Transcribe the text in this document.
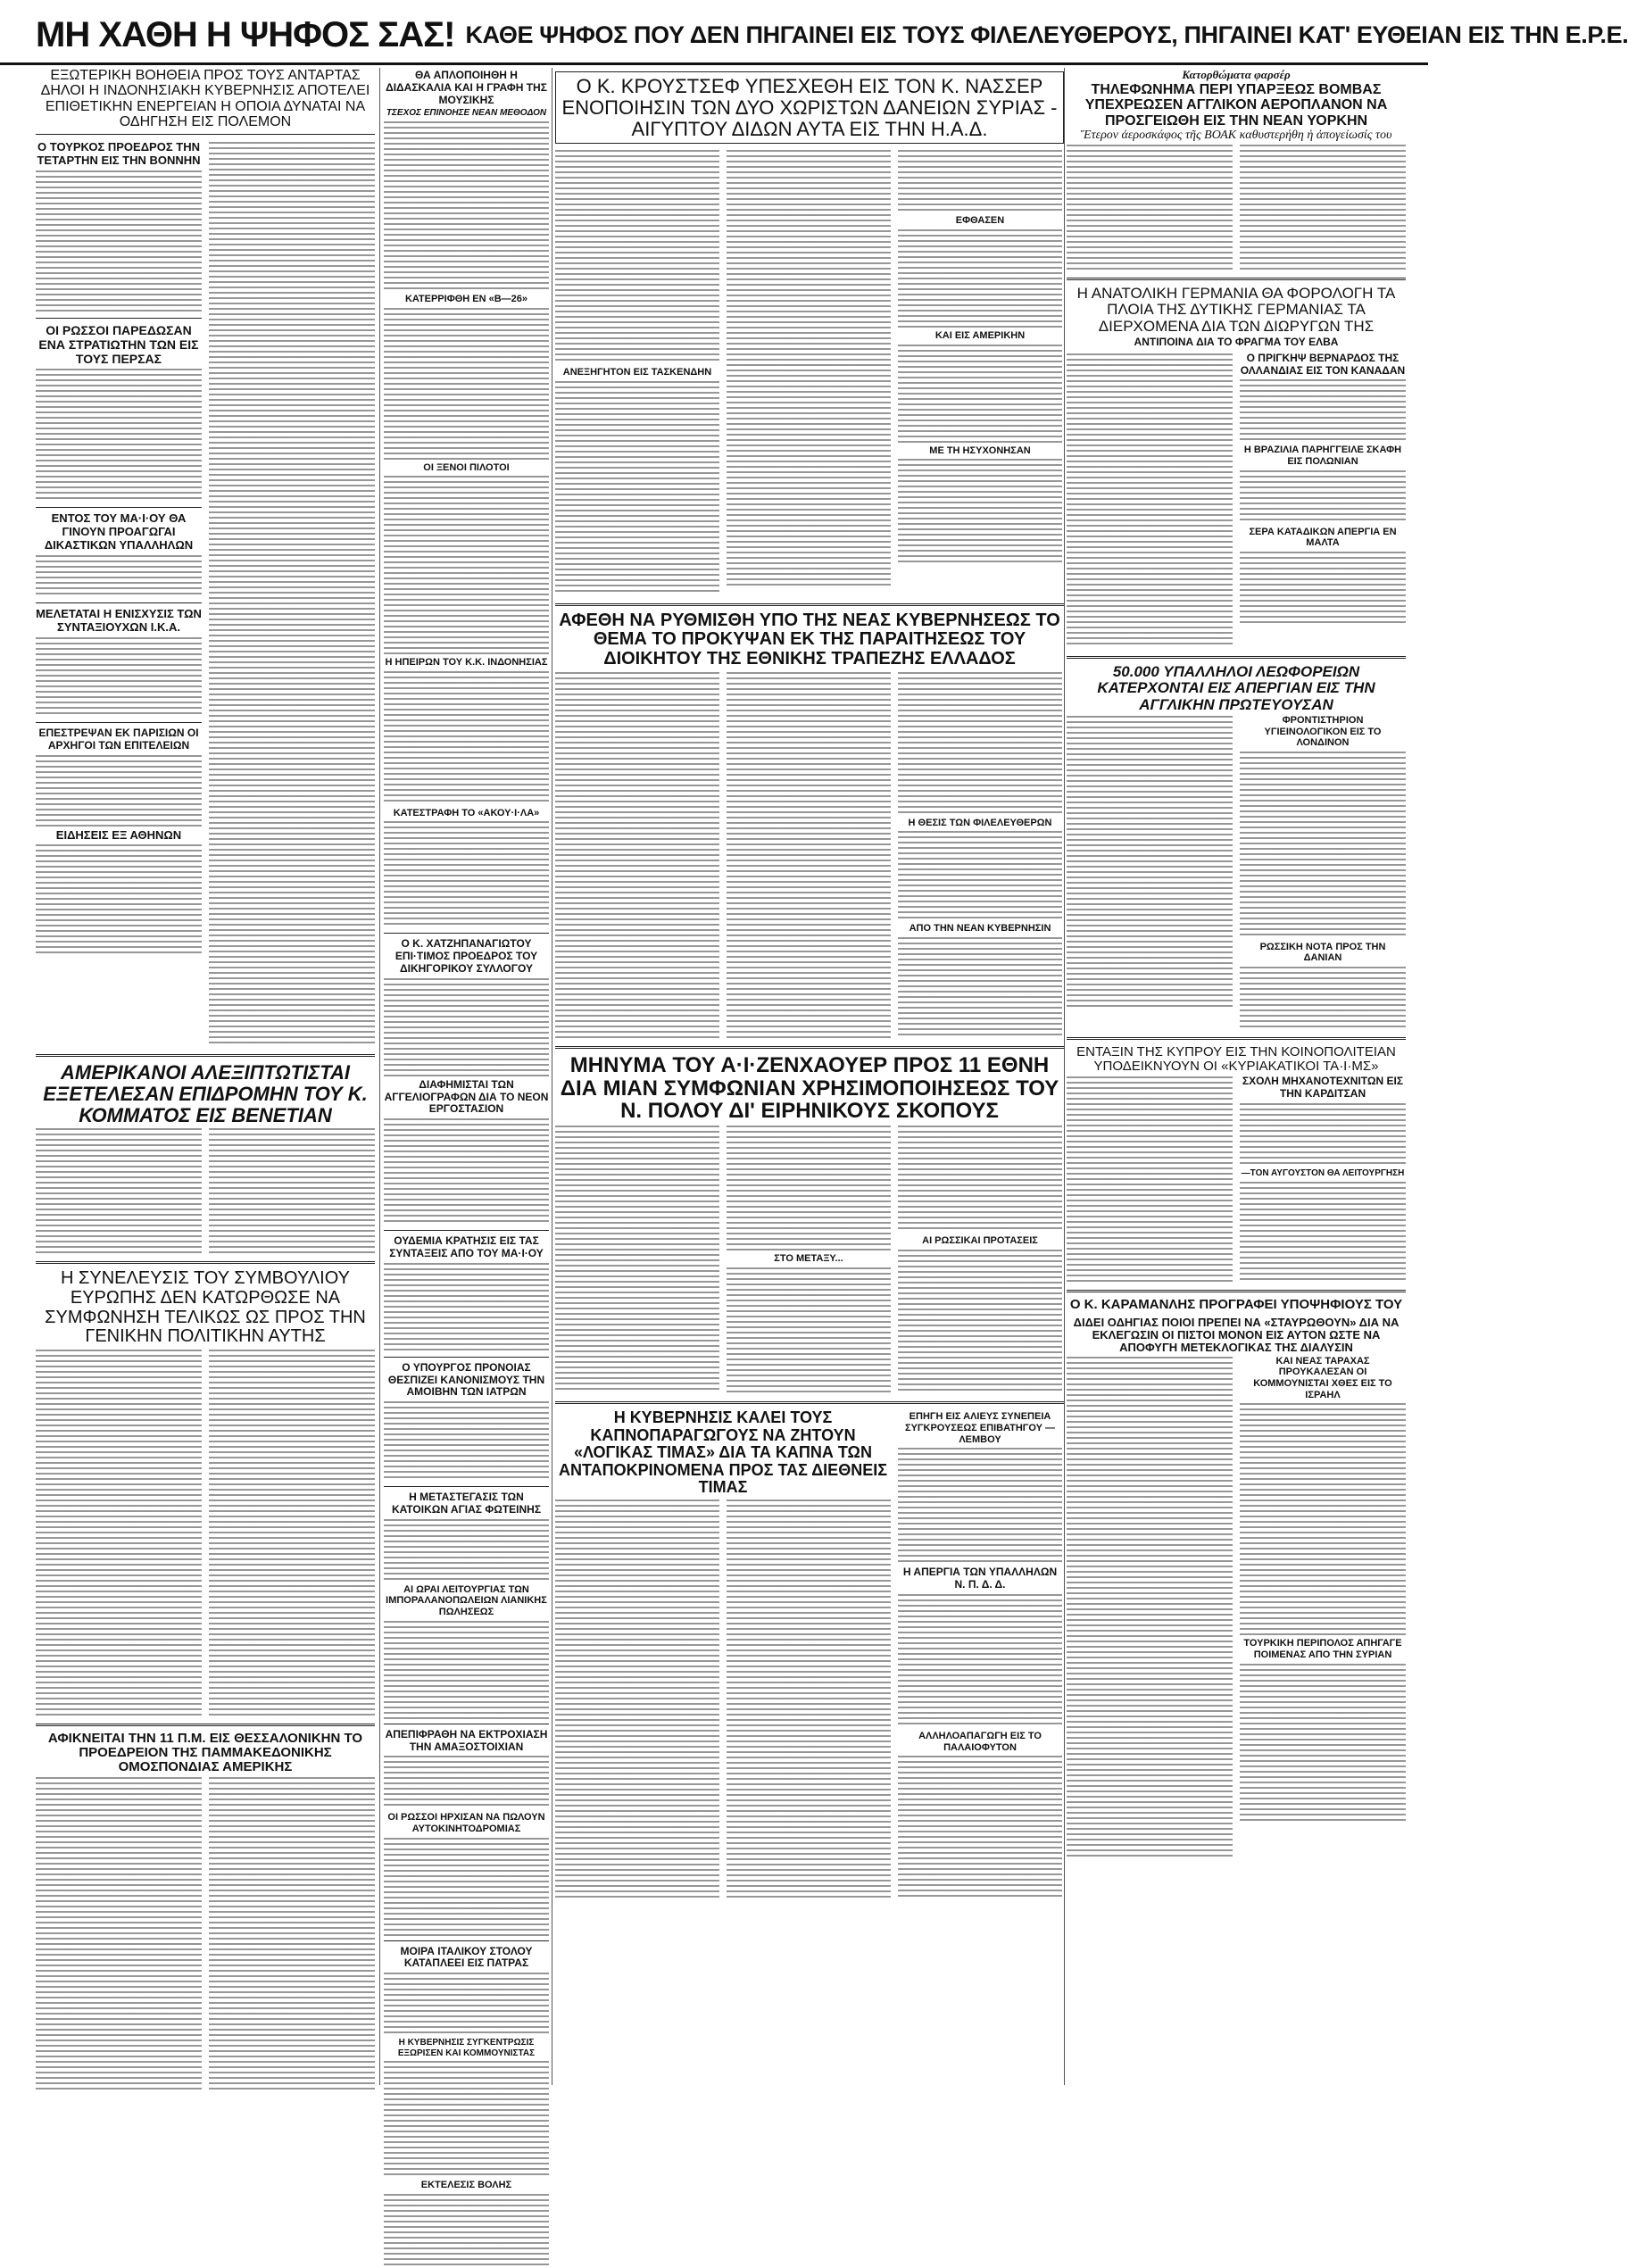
ΜΗ ΧΑΘΗ Η ΨΗΦΟΣ ΣΑΣ! ΚΑΘΕ ΨΗΦΟΣ ΠΟΥ ΔΕΝ ΠΗΓΑΙΝΕΙ ΕΙΣ ΤΟΥΣ ΦΙΛΕΛΕΥΘΕΡΟΥΣ, ΠΗΓΑΙΝΕΙ ΚΑΤ' ΕΥΘΕΙΑΝ ΕΙΣ ΤΗΝ Ε.Ρ.Ε.
ΕΞΩΤΕΡΙΚΗ ΒΟΗΘΕΙΑ ΠΡΟΣ ΤΟΥΣ ΑΝΤΑΡΤΑΣ ΔΗΛΟΙ Η ΙΝΔΟΝΗΣΙΑΚΗ ΚΥΒΕΡΝΗΣΙΣ ΑΠΟΤΕΛΕΙ ΕΠΙΘΕΤΙΚΗΝ ΕΝΕΡΓΕΙΑΝ Η ΟΠΟΙΑ ΔΥΝΑΤΑΙ ΝΑ ΟΔΗΓΗΣΗ ΕΙΣ ΠΟΛΕΜΟΝ
Ο ΤΟΥΡΚΟΣ ΠΡΟΕΔΡΟΣ ΤΗΝ ΤΕΤΑΡΤΗΝ ΕΙΣ ΤΗΝ ΒΟΝΝΗΝ
ΟΙ ΡΩΣΣΟΙ ΠΑΡΕΔΩΣΑΝ ΕΝΑ ΣΤΡΑΤΙΩΤΗΝ ΤΩΝ ΕΙΣ ΤΟΥΣ ΠΕΡΣΑΣ
ΕΝΤΟΣ ΤΟΥ ΜΑ·Ι·ΟΥ ΘΑ ΓΙΝΟΥΝ ΠΡΟΑΓΩΓΑΙ ΔΙΚΑΣΤΙΚΩΝ ΥΠΑΛΛΗΛΩΝ
ΜΕΛΕΤΑΤΑΙ Η ΕΝΙΣΧΥΣΙΣ ΤΩΝ ΣΥΝΤΑΞΙΟΥΧΩΝ Ι.Κ.Α.
ΕΠΕΣΤΡΕΨΑΝ ΕΚ ΠΑΡΙΣΙΩΝ ΟΙ ΑΡΧΗΓΟΙ ΤΩΝ ΕΠΙΤΕΛΕΙΩΝ
ΕΙΔΗΣΕΙΣ ΕΞ ΑΘΗΝΩΝ
ΑΜΕΡΙΚΑΝΟΙ ΑΛΕΞΙΠΤΩΤΙΣΤΑΙ ΕΞΕΤΕΛΕΣΑΝ ΕΠΙΔΡΟΜΗΝ ΤΟΥ Κ. ΚΟΜΜΑΤΟΣ ΕΙΣ ΒΕΝΕΤΙΑΝ
Η ΣΥΝΕΛΕΥΣΙΣ ΤΟΥ ΣΥΜΒΟΥΛΙΟΥ ΕΥΡΩΠΗΣ ΔΕΝ ΚΑΤΩΡΘΩΣΕ ΝΑ ΣΥΜΦΩΝΗΣΗ ΤΕΛΙΚΩΣ ΩΣ ΠΡΟΣ ΤΗΝ ΓΕΝΙΚΗΝ ΠΟΛΙΤΙΚΗΝ ΑΥΤΗΣ
ΑΦΙΚΝΕΙΤΑΙ ΤΗΝ 11 Π.Μ. ΕΙΣ ΘΕΣΣΑΛΟΝΙΚΗΝ ΤΟ ΠΡΟΕΔΡΕΙΟΝ ΤΗΣ ΠΑΜΜΑΚΕΔΟΝΙΚΗΣ ΟΜΟΣΠΟΝΔΙΑΣ ΑΜΕΡΙΚΗΣ
ΘΑ ΑΠΛΟΠΟΙΗΘΗ Η ΔΙΔΑΣΚΑΛΙΑ ΚΑΙ Η ΓΡΑΦΗ ΤΗΣ ΜΟΥΣΙΚΗΣ
ΤΣΕΧΟΣ ΕΠΙΝΟΗΣΕ ΝΕΑΝ ΜΕΘΟΔΟΝ
ΚΑΤΕΡΡΙΦΘΗ ΕΝ «Β—26»
ΟΙ ΞΕΝΟΙ ΠΙΛΟΤΟΙ
Η ΗΠΕΙΡΩΝ ΤΟΥ Κ.Κ. ΙΝΔΟΝΗΣΙΑΣ
ΚΑΤΕΣΤΡΑΦΗ ΤΟ «ΑΚΟΥ·Ι·ΛΑ»
Ο Κ. ΧΑΤΖΗΠΑΝΑΓΙΩΤΟΥ ΕΠΙ·ΤΙΜΟΣ ΠΡΟΕΔΡΟΣ ΤΟΥ ΔΙΚΗΓΟΡΙΚΟΥ ΣΥΛΛΟΓΟΥ
ΔΙΑΦΗΜΙΣΤΑΙ ΤΩΝ ΑΓΓΕΛΙΟΓΡΑΦΩΝ ΔΙΑ ΤΟ ΝΕΟΝ ΕΡΓΟΣΤΑΣΙΟΝ
ΟΥΔΕΜΙΑ ΚΡΑΤΗΣΙΣ ΕΙΣ ΤΑΣ ΣΥΝΤΑΞΕΙΣ ΑΠΟ ΤΟΥ ΜΑ·Ι·ΟΥ
Ο ΥΠΟΥΡΓΟΣ ΠΡΟΝΟΙΑΣ ΘΕΣΠΙΖΕΙ ΚΑΝΟΝΙΣΜΟΥΣ ΤΗΝ ΑΜΟΙΒΗΝ ΤΩΝ ΙΑΤΡΩΝ
Η ΜΕΤΑΣΤΕΓΑΣΙΣ ΤΩΝ ΚΑΤΟΙΚΩΝ ΑΓΙΑΣ ΦΩΤΕΙΝΗΣ
ΑΙ ΩΡΑΙ ΛΕΙΤΟΥΡΓΙΑΣ ΤΩΝ ΙΜΠΟΡΑΛΑΝΟΠΩΛΕΙΩΝ ΛΙΑΝΙΚΗΣ ΠΩΛΗΣΕΩΣ
ΑΠΕΠΙΦΡΑΘΗ ΝΑ ΕΚΤΡΟΧΙΑΣΗ ΤΗΝ ΑΜΑΞΟΣΤΟΙΧΙΑΝ
ΟΙ ΡΩΣΣΟΙ ΗΡΧΙΣΑΝ ΝΑ ΠΩΛΟΥΝ ΑΥΤΟΚΙΝΗΤΟΔΡΟΜΙΑΣ
ΜΟΙΡΑ ΙΤΑΛΙΚΟΥ ΣΤΟΛΟΥ ΚΑΤΑΠΛΕΕΙ ΕΙΣ ΠΑΤΡΑΣ
Η ΚΥΒΕΡΝΗΣΙΣ ΣΥΓΚΕΝΤΡΩΣΙΣ ΕΞΩΡΙΣΕΝ ΚΑΙ ΚΟΜΜΟΥΝΙΣΤΑΣ
ΕΚΤΕΛΕΣΙΣ ΒΟΛΗΣ
Ο Κ. ΚΡΟΥΣΤΣΕΦ ΥΠΕΣΧΕΘΗ ΕΙΣ ΤΟΝ Κ. ΝΑΣΣΕΡ ΕΝΟΠΟΙΗΣΙΝ ΤΩΝ ΔΥΟ ΧΩΡΙΣΤΩΝ ΔΑΝΕΙΩΝ ΣΥΡΙΑΣ - ΑΙΓΥΠΤΟΥ ΔΙΔΩΝ ΑΥΤΑ ΕΙΣ ΤΗΝ Η.Α.Δ.
ΑΝΕΞΗΓΗΤΟΝ ΕΙΣ ΤΑΣΚΕΝΔΗΝ
ΕΦΘΑΣΕΝ
ΚΑΙ ΕΙΣ ΑΜΕΡΙΚΗΝ
ΜΕ ΤΗ ΗΣΥΧΟΝΗΣΑΝ
ΑΦΕΘΗ ΝΑ ΡΥΘΜΙΣΘΗ ΥΠΟ ΤΗΣ ΝΕΑΣ ΚΥΒΕΡΝΗΣΕΩΣ ΤΟ ΘΕΜΑ ΤΟ ΠΡΟΚΥΨΑΝ ΕΚ ΤΗΣ ΠΑΡΑΙΤΗΣΕΩΣ ΤΟΥ ΔΙΟΙΚΗΤΟΥ ΤΗΣ ΕΘΝΙΚΗΣ ΤΡΑΠΕΖΗΣ ΕΛΛΑΔΟΣ
Η ΘΕΣΙΣ ΤΩΝ ΦΙΛΕΛΕΥΘΕΡΩΝ
ΑΠΟ ΤΗΝ ΝΕΑΝ ΚΥΒΕΡΝΗΣΙΝ
ΜΗΝΥΜΑ ΤΟΥ Α·Ι·ΖΕΝΧΑΟΥΕΡ ΠΡΟΣ 11 ΕΘΝΗ ΔΙΑ ΜΙΑΝ ΣΥΜΦΩΝΙΑΝ ΧΡΗΣΙΜΟΠΟΙΗΣΕΩΣ ΤΟΥ Ν. ΠΟΛΟΥ ΔΙ' ΕΙΡΗΝΙΚΟΥΣ ΣΚΟΠΟΥΣ
ΣΤΟ ΜΕΤΑΞΥ...
ΑΙ ΡΩΣΣΙΚΑΙ ΠΡΟΤΑΣΕΙΣ
Η ΚΥΒΕΡΝΗΣΙΣ ΚΑΛΕΙ ΤΟΥΣ ΚΑΠΝΟΠΑΡΑΓΩΓΟΥΣ ΝΑ ΖΗΤΟΥΝ «ΛΟΓΙΚΑΣ ΤΙΜΑΣ» ΔΙΑ ΤΑ ΚΑΠΝΑ ΤΩΝ ΑΝΤΑΠΟΚΡΙΝΟΜΕΝΑ ΠΡΟΣ ΤΑΣ ΔΙΕΘΝΕΙΣ ΤΙΜΑΣ
ΕΠΗΓΗ ΕΙΣ ΑΛΙΕΥΣ ΣΥΝΕΠΕΙΑ ΣΥΓΚΡΟΥΣΕΩΣ ΕΠΙΒΑΤΗΓΟΥ — ΛΕΜΒΟΥ
Η ΑΠΕΡΓΙΑ ΤΩΝ ΥΠΑΛΛΗΛΩΝ Ν. Π. Δ. Δ.
ΑΛΛΗΛΟΑΠΑΓΩΓΗ ΕΙΣ ΤΟ ΠΑΛΑΙΟΦΥΤΟΝ
Κατορθώματα φαρσέρ
ΤΗΛΕΦΩΝΗΜΑ ΠΕΡΙ ΥΠΑΡΞΕΩΣ ΒΟΜΒΑΣ ΥΠΕΧΡΕΩΣΕΝ ΑΓΓΛΙΚΟΝ ΑΕΡΟΠΛΑΝΟΝ ΝΑ ΠΡΟΣΓΕΙΩΘΗ ΕΙΣ ΤΗΝ ΝΕΑΝ ΥΟΡΚΗΝ
Ἕτερον ἀεροσκάφος τῆς ΒΟΑΚ καθυστερήθη ἡ ἀπογείωσίς του
Η ΑΝΑΤΟΛΙΚΗ ΓΕΡΜΑΝΙΑ ΘΑ ΦΟΡΟΛΟΓΗ ΤΑ ΠΛΟΙΑ ΤΗΣ ΔΥΤΙΚΗΣ ΓΕΡΜΑΝΙΑΣ ΤΑ ΔΙΕΡΧΟΜΕΝΑ ΔΙΑ ΤΩΝ ΔΙΩΡΥΓΩΝ ΤΗΣ
ΑΝΤΙΠΟΙΝΑ ΔΙΑ ΤΟ ΦΡΑΓΜΑ ΤΟΥ ΕΛΒΑ
Ο ΠΡΙΓΚΗΨ ΒΕΡΝΑΡΔΟΣ ΤΗΣ ΟΛΛΑΝΔΙΑΣ ΕΙΣ ΤΟΝ ΚΑΝΑΔΑΝ
Η ΒΡΑΖΙΛΙΑ ΠΑΡΗΓΓΕΙΛΕ ΣΚΑΦΗ ΕΙΣ ΠΟΛΩΝΙΑΝ
ΣΕΡΑ ΚΑΤΑΔΙΚΩΝ ΑΠΕΡΓΙΑ ΕΝ ΜΑΛΤΑ
50.000 ΥΠΑΛΛΗΛΟΙ ΛΕΩΦΟΡΕΙΩΝ ΚΑΤΕΡΧΟΝΤΑΙ ΕΙΣ ΑΠΕΡΓΙΑΝ ΕΙΣ ΤΗΝ ΑΓΓΛΙΚΗΝ ΠΡΩΤΕΥΟΥΣΑΝ
ΦΡΟΝΤΙΣΤΗΡΙΟΝ ΥΓΙΕΙΝΟΛΟΓΙΚΟΝ ΕΙΣ ΤΟ ΛΟΝΔΙΝΟΝ
ΡΩΣΣΙΚΗ ΝΟΤΑ ΠΡΟΣ ΤΗΝ ΔΑΝΙΑΝ
ΕΝΤΑΞΙΝ ΤΗΣ ΚΥΠΡΟΥ ΕΙΣ ΤΗΝ ΚΟΙΝΟΠΟΛΙΤΕΙΑΝ ΥΠΟΔΕΙΚΝΥΟΥΝ ΟΙ «ΚΥΡΙΑΚΑΤΙΚΟΙ ΤΑ·Ι·ΜΣ»
ΣΧΟΛΗ ΜΗΧΑΝΟΤΕΧΝΙΤΩΝ ΕΙΣ ΤΗΝ ΚΑΡΔΙΤΣΑΝ
—ΤΟΝ ΑΥΓΟΥΣΤΟΝ ΘΑ ΛΕΙΤΟΥΡΓΗΣΗ
Ο Κ. ΚΑΡΑΜΑΝΛΗΣ ΠΡΟΓΡΑΦΕΙ ΥΠΟΨΗΦΙΟΥΣ ΤΟΥ
ΔΙΔΕΙ ΟΔΗΓΙΑΣ ΠΟΙΟΙ ΠΡΕΠΕΙ ΝΑ «ΣΤΑΥΡΩΘΟΥΝ» ΔΙΑ ΝΑ ΕΚΛΕΓΩΣΙΝ ΟΙ ΠΙΣΤΟΙ ΜΟΝΟΝ ΕΙΣ ΑΥΤΟΝ ΩΣΤΕ ΝΑ ΑΠΟΦΥΓΗ ΜΕΤΕΚΛΟΓΙΚΑΣ ΤΗΣ ΔΙΑΛΥΣΙΝ
ΚΑΙ ΝΕΑΣ ΤΑΡΑΧΑΣ ΠΡΟΥΚΑΛΕΣΑΝ ΟΙ ΚΟΜΜΟΥΝΙΣΤΑΙ ΧΘΕΣ ΕΙΣ ΤΟ ΙΣΡΑΗΛ
ΤΟΥΡΚΙΚΗ ΠΕΡΙΠΟΛΟΣ ΑΠΗΓΑΓΕ ΠΟΙΜΕΝΑΣ ΑΠΟ ΤΗΝ ΣΥΡΙΑΝ
